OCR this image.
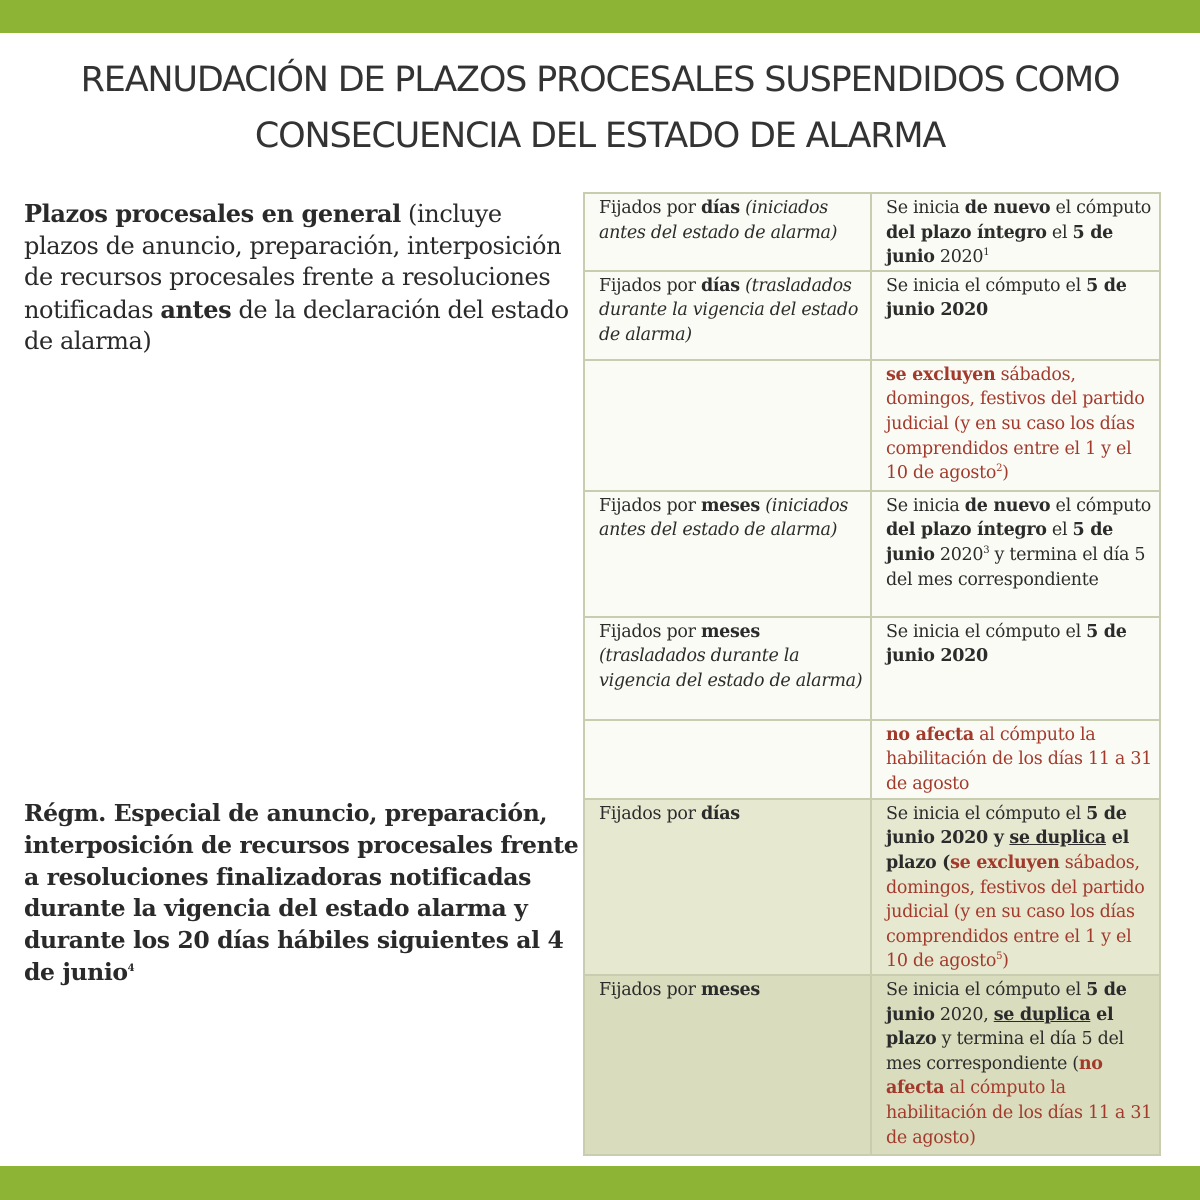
REANUDACIÓN DE PLAZOS PROCESALES SUSPENDIDOS COMO
CONSECUENCIA DEL ESTADO DE ALARMA
Plazos procesales en general (incluye plazos de anuncio, preparación, interposición de recursos procesales frente a resoluciones notificadas antes de la declaración del estado de alarma)
Régm. Especial de anuncio, preparación, interposición de recursos procesales frente a resoluciones finalizadoras notificadas durante la vigencia del estado alarma y durante los 20 días hábiles siguientes al 4 de junio$^4$
Fijados por días (iniciados antes del estado de alarma)	Se inicia de nuevo el cómputo del plazo íntegro el 5 de junio 2020$^1$
Fijados por días (trasladados durante la vigencia del estado de alarma)	Se inicia el cómputo el 5 de junio 2020
	se excluyen sábados, domingos, festivos del partido judicial (y en su caso los días comprendidos entre el 1 y el 10 de agosto$^2$)
Fijados por meses (iniciados antes del estado de alarma)	Se inicia de nuevo el cómputo del plazo íntegro el 5 de junio 2020$^3$ y termina el día 5 del mes correspondiente
Fijados por meses (trasladados durante la vigencia del estado de alarma)	Se inicia el cómputo el 5 de junio 2020
	no afecta al cómputo la habilitación de los días 11 a 31 de agosto
Fijados por días	Se inicia el cómputo el 5 de junio 2020 y se duplica el plazo (se excluyen sábados, domingos, festivos del partido judicial (y en su caso los días comprendidos entre el 1 y el 10 de agosto$^5$)
Fijados por meses	Se inicia el cómputo el 5 de junio 2020, se duplica el plazo y termina el día 5 del mes correspondiente (no afecta al cómputo la habilitación de los días 11 a 31 de agosto)
